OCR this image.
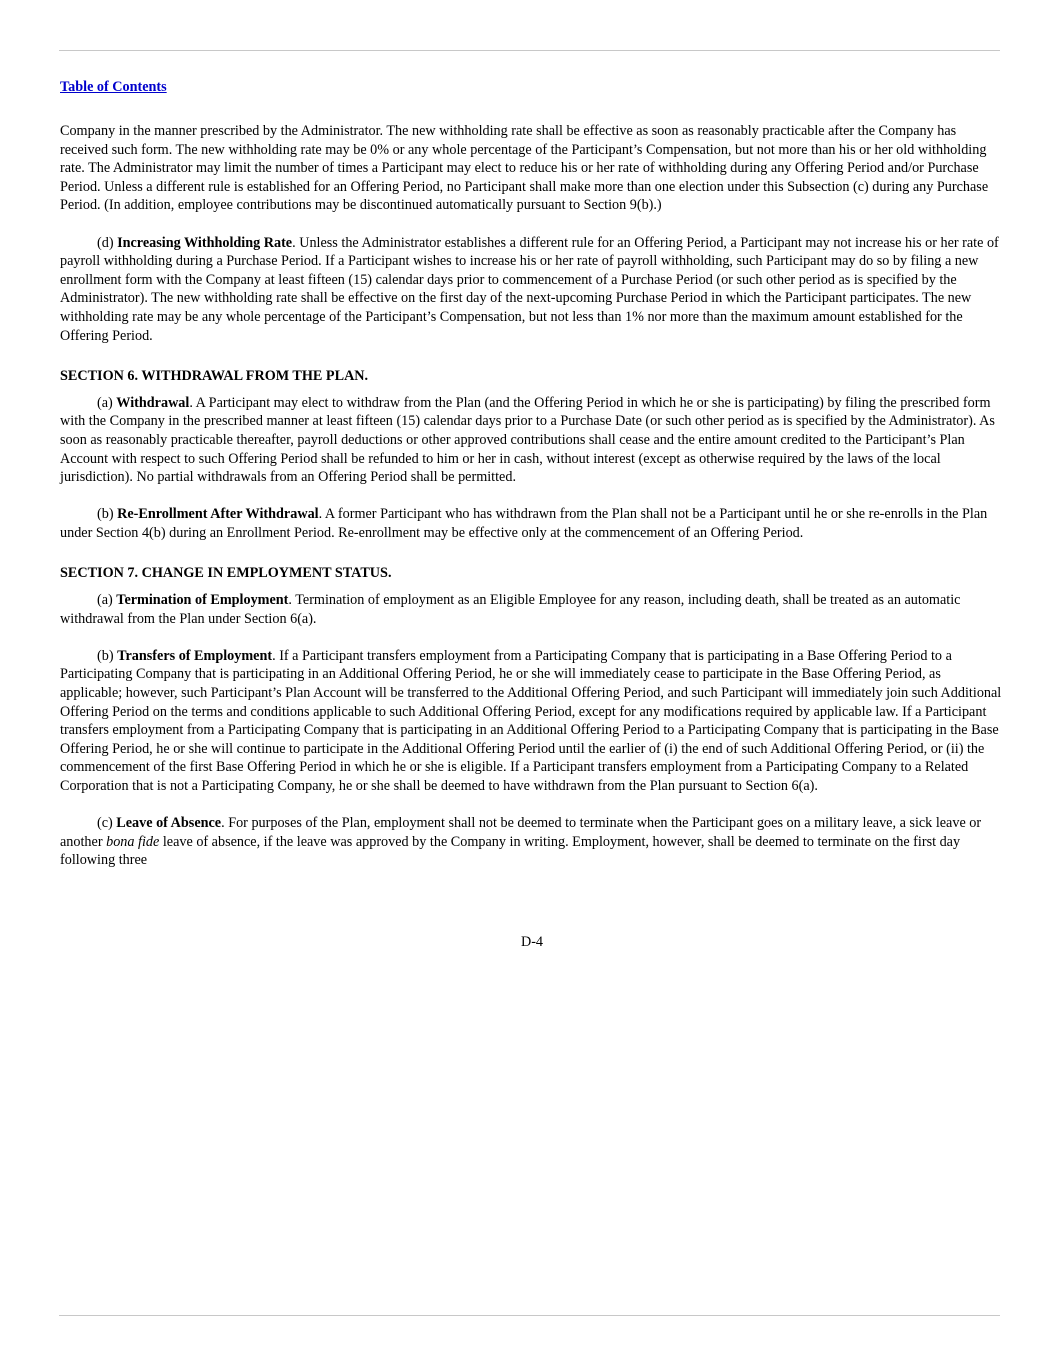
Table of Contents

Company in the manner prescribed by the Administrator. The new withholding rate shall be effective as soon as reasonably practicable after the Company has received such form. The new withholding rate may be 0% or any whole percentage of the Participant’s Compensation, but not more than his or her old withholding rate. The Administrator may limit the number of times a Participant may elect to reduce his or her rate of withholding during any Offering Period and/or Purchase Period. Unless a different rule is established for an Offering Period, no Participant shall make more than one election under this Subsection (c) during any Purchase Period. (In addition, employee contributions may be discontinued automatically pursuant to Section 9(b).)

(d) Increasing Withholding Rate. Unless the Administrator establishes a different rule for an Offering Period, a Participant may not increase his or her rate of payroll withholding during a Purchase Period. If a Participant wishes to increase his or her rate of payroll withholding, such Participant may do so by filing a new enrollment form with the Company at least fifteen (15) calendar days prior to commencement of a Purchase Period (or such other period as is specified by the Administrator). The new withholding rate shall be effective on the first day of the next-upcoming Purchase Period in which the Participant participates. The new withholding rate may be any whole percentage of the Participant’s Compensation, but not less than 1% nor more than the maximum amount established for the Offering Period.

SECTION 6. WITHDRAWAL FROM THE PLAN.

(a) Withdrawal. A Participant may elect to withdraw from the Plan (and the Offering Period in which he or she is participating) by filing the prescribed form with the Company in the prescribed manner at least fifteen (15) calendar days prior to a Purchase Date (or such other period as is specified by the Administrator). As soon as reasonably practicable thereafter, payroll deductions or other approved contributions shall cease and the entire amount credited to the Participant’s Plan Account with respect to such Offering Period shall be refunded to him or her in cash, without interest (except as otherwise required by the laws of the local jurisdiction). No partial withdrawals from an Offering Period shall be permitted.

(b) Re-Enrollment After Withdrawal. A former Participant who has withdrawn from the Plan shall not be a Participant until he or she re-enrolls in the Plan under Section 4(b) during an Enrollment Period. Re-enrollment may be effective only at the commencement of an Offering Period.

SECTION 7. CHANGE IN EMPLOYMENT STATUS.

(a) Termination of Employment. Termination of employment as an Eligible Employee for any reason, including death, shall be treated as an automatic withdrawal from the Plan under Section 6(a).

(b) Transfers of Employment. If a Participant transfers employment from a Participating Company that is participating in a Base Offering Period to a Participating Company that is participating in an Additional Offering Period, he or she will immediately cease to participate in the Base Offering Period, as applicable; however, such Participant’s Plan Account will be transferred to the Additional Offering Period, and such Participant will immediately join such Additional Offering Period on the terms and conditions applicable to such Additional Offering Period, except for any modifications required by applicable law. If a Participant transfers employment from a Participating Company that is participating in an Additional Offering Period to a Participating Company that is participating in the Base Offering Period, he or she will continue to participate in the Additional Offering Period until the earlier of (i) the end of such Additional Offering Period, or (ii) the commencement of the first Base Offering Period in which he or she is eligible. If a Participant transfers employment from a Participating Company to a Related Corporation that is not a Participating Company, he or she shall be deemed to have withdrawn from the Plan pursuant to Section 6(a).

(c) Leave of Absence. For purposes of the Plan, employment shall not be deemed to terminate when the Participant goes on a military leave, a sick leave or another bona fide leave of absence, if the leave was approved by the Company in writing. Employment, however, shall be deemed to terminate on the first day following three

D-4
